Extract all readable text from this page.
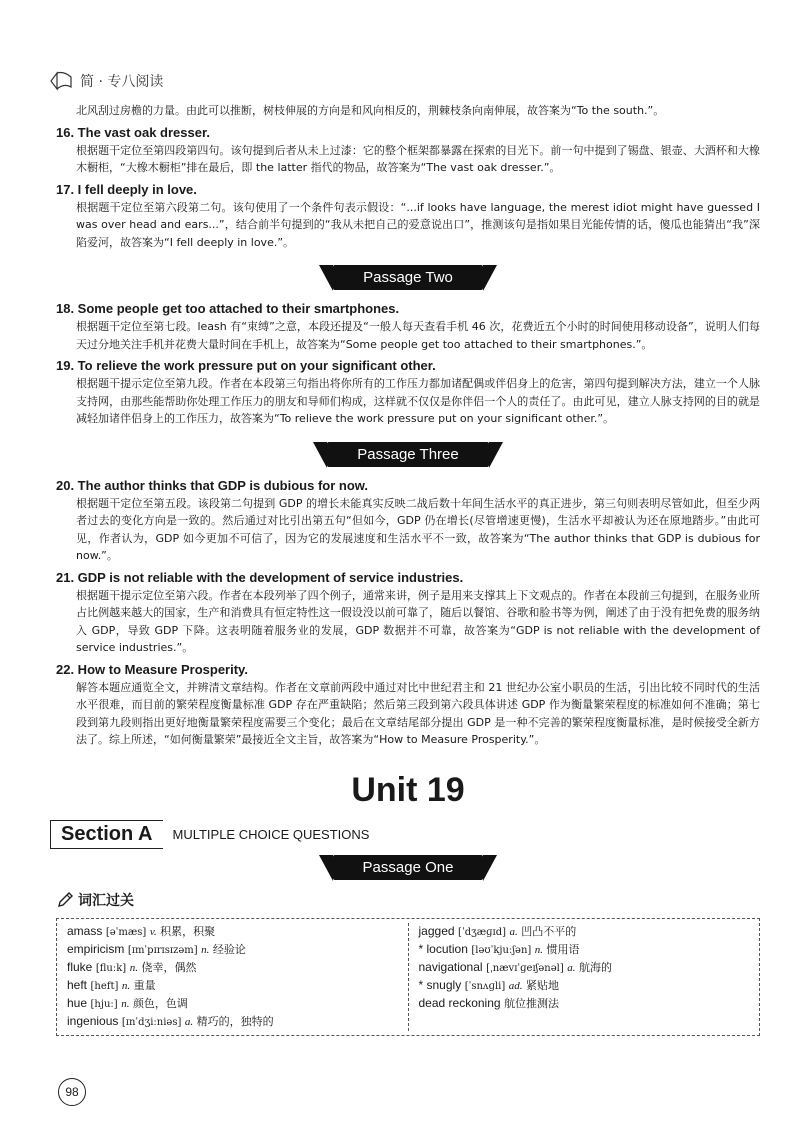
简 · 专八阅读

北风刮过房檐的力量。由此可以推断，树枝伸展的方向是和风向相反的，荆棘枝条向南伸展，故答案为“To the south.”。

16. The vast oak dresser.

根据题干定位至第四段第四句。该句提到后者从未上过漆：它的整个框架都暴露在探索的目光下。前一句中提到了锡盘、银壶、大酒杯和大橡木橱柜，“大橡木橱柜”排在最后，即 the latter 指代的物品，故答案为“The vast oak dresser.”。

17. I fell deeply in love.

根据题干定位至第六段第二句。该句使用了一个条件句表示假设：“...if looks have language, the merest idiot might have guessed I was over head and ears...”，结合前半句提到的“我从未把自己的爱意说出口”，推测该句是指如果目光能传情的话，傻瓜也能猜出“我”深陷爱河，故答案为“I fell deeply in love.”。

Passage Two

18. Some people get too attached to their smartphones.

根据题干定位至第七段。leash 有“束缚”之意，本段还提及“一般人每天查看手机 46 次，花费近五个小时的时间使用移动设备”，说明人们每天过分地关注手机并花费大量时间在手机上，故答案为“Some people get too attached to their smartphones.”。

19. To relieve the work pressure put on your significant other.

根据题干提示定位至第九段。作者在本段第三句指出将你所有的工作压力都加诸配偶或伴侣身上的危害，第四句提到解决方法，建立一个人脉支持网，由那些能帮助你处理工作压力的朋友和导师们构成，这样就不仅仅是你伴侣一个人的责任了。由此可见，建立人脉支持网的目的就是减轻加诸伴侣身上的工作压力，故答案为“To relieve the work pressure put on your significant other.”。

Passage Three

20. The author thinks that GDP is dubious for now.

根据题干定位至第五段。该段第二句提到 GDP 的增长未能真实反映二战后数十年间生活水平的真正进步，第三句则表明尽管如此，但至少两者过去的变化方向是一致的。然后通过对比引出第五句“但如今，GDP 仍在增长(尽管增速更慢)，生活水平却被认为还在原地踏步。”由此可见，作者认为，GDP 如今更加不可信了，因为它的发展速度和生活水平不一致，故答案为“The author thinks that GDP is dubious for now.”。

21. GDP is not reliable with the development of service industries.

根据题干提示定位至第六段。作者在本段列举了四个例子，通常来讲，例子是用来支撑其上下文观点的。作者在本段前三句提到，在服务业所占比例越来越大的国家，生产和消费具有恒定特性这一假设没以前可靠了，随后以餐馆、谷歌和脸书等为例，阐述了由于没有把免费的服务纳入 GDP，导致 GDP 下降。这表明随着服务业的发展，GDP 数据并不可靠，故答案为“GDP is not reliable with the development of service industries.”。

22. How to Measure Prosperity.

解答本题应通览全文，并辨清文章结构。作者在文章前两段中通过对比中世纪君主和 21 世纪办公室小职员的生活，引出比较不同时代的生活水平很难，而目前的繁荣程度衡量标准 GDP 存在严重缺陷；然后第三段到第六段具体讲述 GDP 作为衡量繁荣程度的标准如何不准确；第七段到第九段则指出更好地衡量繁荣程度需要三个变化；最后在文章结尾部分提出 GDP 是一种不完善的繁荣程度衡量标准，是时候接受全新方法了。综上所述，“如何衡量繁荣”最接近全文主旨，故答案为“How to Measure Prosperity.”。

Unit 19
Section A	MULTIPLE CHOICE QUESTIONS
Passage One
词汇过关
amass [əˈmæs] v. 积累，积聚
empiricism [ɪmˈpɪrɪsɪzəm] n. 经验论
fluke [fluːk] n. 侥幸，偶然
heft [heft] n. 重量
hue [hjuː] n. 颜色，色调
ingenious [ɪnˈdʒiːniəs] a. 精巧的，独特的
jagged [ˈdʒæɡɪd] a. 凹凸不平的
* locution [ləʊˈkjuːʃən] n. 惯用语
navigational [ˌnævɪˈɡeɪʃənəl] a. 航海的
* snugly [ˈsnʌɡli] ad. 紧贴地
dead reckoning 航位推测法
98
